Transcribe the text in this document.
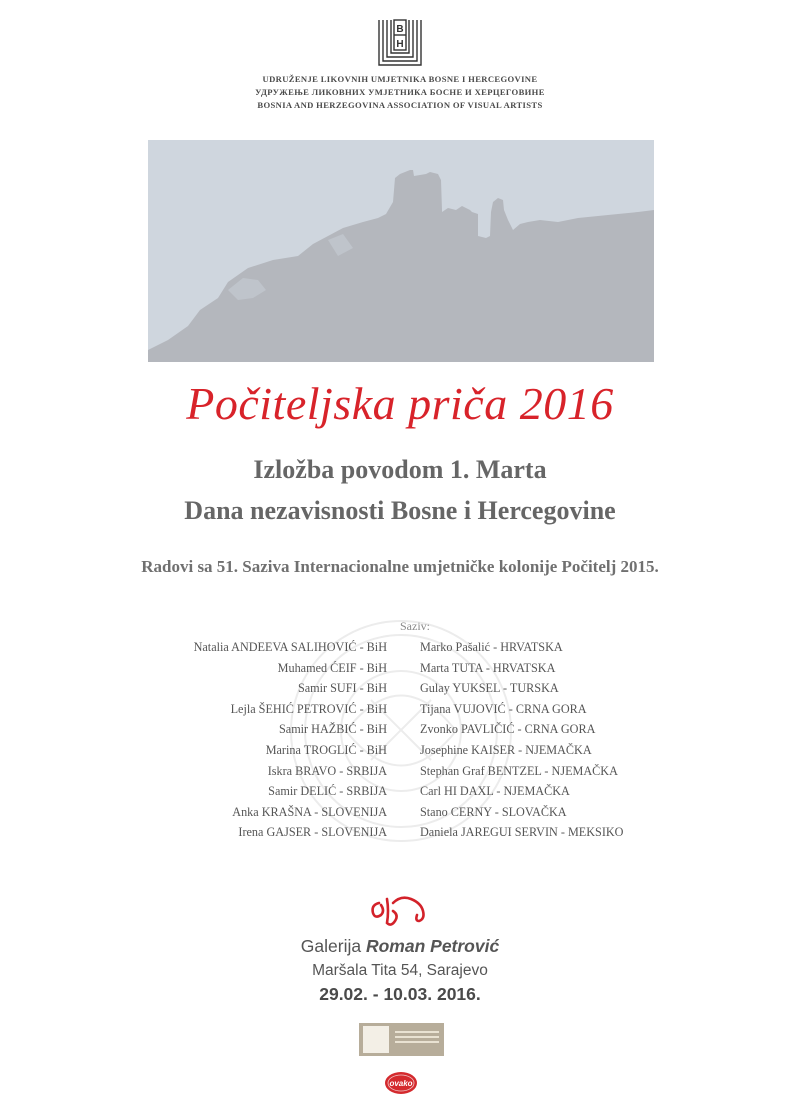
B
H
UDRUŽENJE LIKOVNIH UMJETNIKA BOSNE I HERCEGOVINE
УДРУЖЕЊЕ ЛИКОВНИХ УМЈЕТНИКА БОСНЕ И ХЕРЦЕГОВИНЕ
BOSNIA AND HERZEGOVINA ASSOCIATION OF VISUAL ARTISTS
Počiteljska priča 2016
Izložba povodom 1. Marta
Dana nezavisnosti Bosne i Hercegovine
Radovi sa 51. Saziva Internacionalne umjetničke kolonije Počitelj 2015.
Saziv:
Natalia ANDEEVA SALIHOVIĆ - BiH
Muhamed ĆEIF - BiH
Samir SUFI - BiH
Lejla ŠEHIĆ PETROVIĆ - BiH
Samir HAŽBIĆ - BiH
Marina TROGLIĆ - BiH
Iskra BRAVO - SRBIJA
Samir DELIĆ - SRBIJA
Anka KRAŠNA - SLOVENIJA
Irena GAJSER - SLOVENIJA
Marko Pašalić - HRVATSKA
Marta TUTA - HRVATSKA
Gulay YUKSEL - TURSKA
Tijana VUJOVIĆ - CRNA GORA
Zvonko PAVLIČIĆ - CRNA GORA
Josephine KAISER - NJEMAČKA
Stephan Graf BENTZEL - NJEMAČKA
Carl HI DAXL - NJEMAČKA
Stano CERNY - SLOVAČKA
Daniela JAREGUI SERVIN - MEKSIKO
Galerija Roman Petrović
Maršala Tita 54, Sarajevo
29.02. - 10.03. 2016.
ovako
